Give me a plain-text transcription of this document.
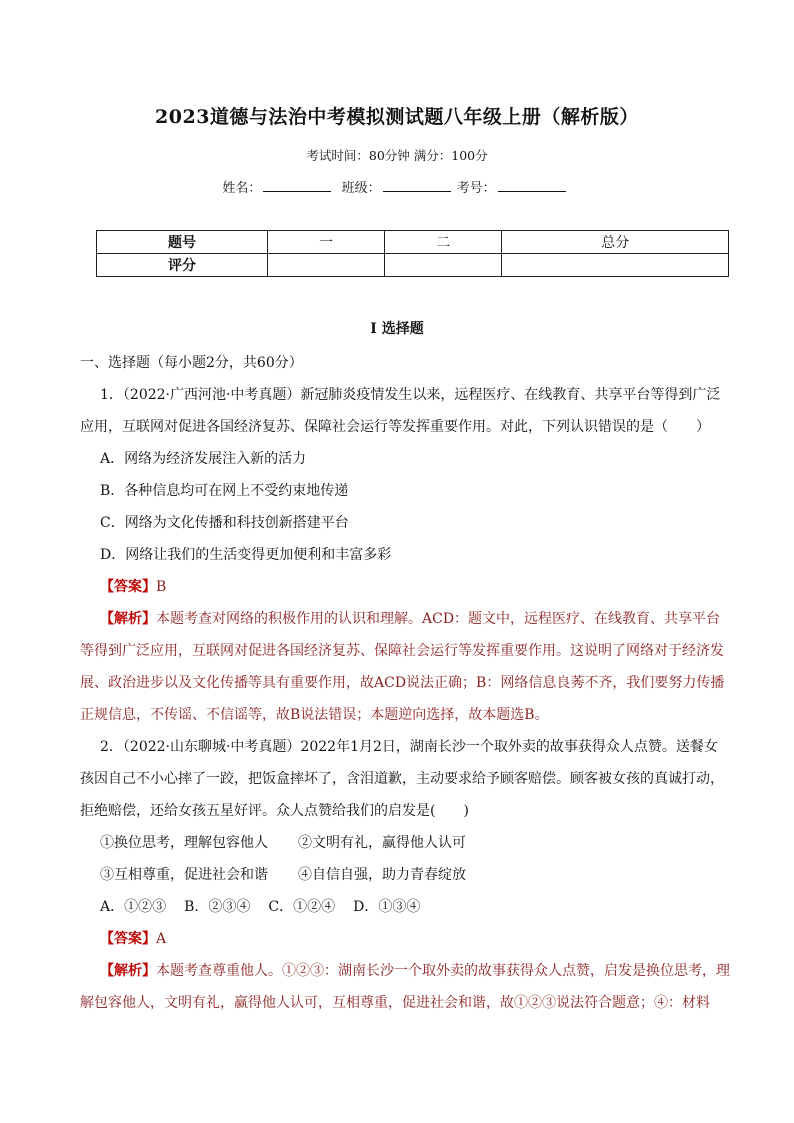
2023道德与法治中考模拟测试题八年级上册（解析版）
考试时间：80分钟 满分：100分
姓名：	班级：	考号：
题号	一	二	总分
评分			
I 选择题

一、选择题（每小题2分，共60分）

1．（2022·广西河池·中考真题）新冠肺炎疫情发生以来，远程医疗、在线教育、共享平台等得到广泛应用，互联网对促进各国经济复苏、保障社会运行等发挥重要作用。对此，下列认识错误的是（　　）

A．网络为经济发展注入新的活力

B．各种信息均可在网上不受约束地传递

C．网络为文化传播和科技创新搭建平台

D．网络让我们的生活变得更加便利和丰富多彩

【答案】B

【解析】本题考查对网络的积极作用的认识和理解。ACD：题文中，远程医疗、在线教育、共享平台等得到广泛应用，互联网对促进各国经济复苏、保障社会运行等发挥重要作用。这说明了网络对于经济发展、政治进步以及文化传播等具有重要作用，故ACD说法正确；B：网络信息良莠不齐，我们要努力传播正规信息，不传谣、不信谣等，故B说法错误；本题逆向选择，故本题选B。

2．（2022·山东聊城·中考真题）2022年1月2日，湖南长沙一个取外卖的故事获得众人点赞。送餐女孩因自己不小心摔了一跤，把饭盒摔坏了，含泪道歉，主动要求给予顾客赔偿。顾客被女孩的真诚打动，拒绝赔偿，还给女孩五星好评。众人点赞给我们的启发是(　　)

①换位思考，理解包容他人 ②文明有礼，赢得他人认可

③互相尊重，促进社会和谐 ④自信自强，助力青春绽放

A．①②③ B．②③④ C．①②④ D．①③④

【答案】A

【解析】本题考查尊重他人。①②③：湖南长沙一个取外卖的故事获得众人点赞，启发是换位思考，理解包容他人，文明有礼，赢得他人认可，互相尊重，促进社会和谐，故①②③说法符合题意；④：材料
